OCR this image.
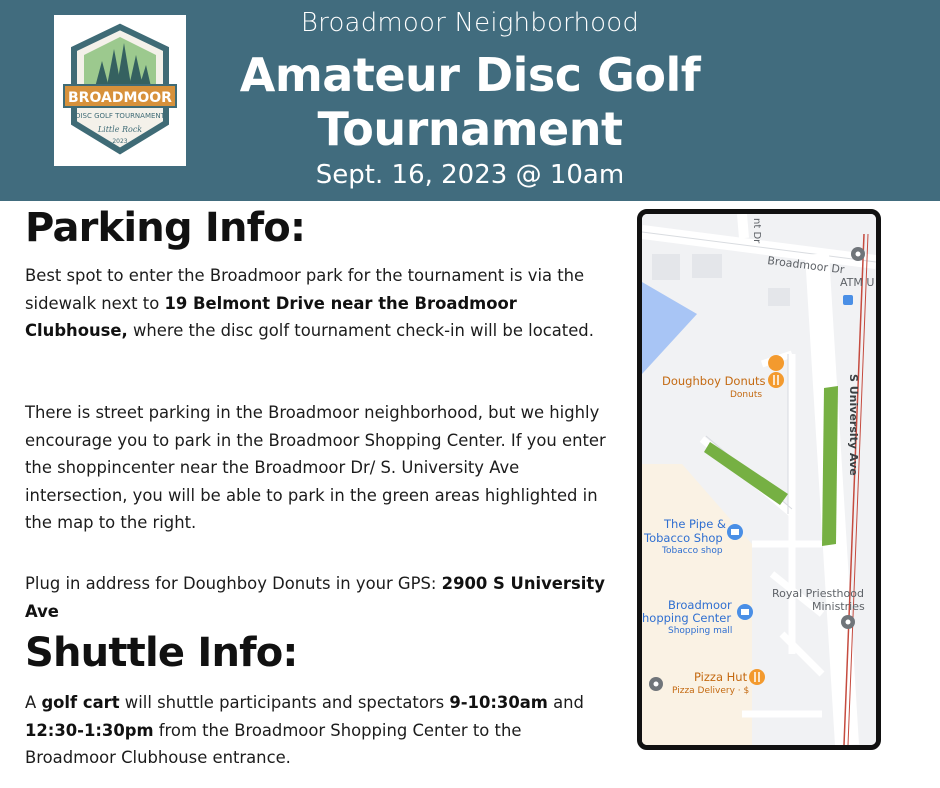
BROADMOOR
DISC GOLF TOURNAMENT
Little Rock
2023
Broadmoor Neighborhood
Amateur Disc Golf Tournament
Sept. 16, 2023 @ 10am
Parking Info:

Best spot to enter the Broadmoor park for the tournament is via the sidewalk next to 19 Belmont Drive near the Broadmoor Clubhouse, where the disc golf tournament check-in will be located.

There is street parking in the Broadmoor neighborhood, but we highly encourage you to park in the Broadmoor Shopping Center. If you enter the shoppincenter near the Broadmoor Dr/ S. University Ave intersection, you will be able to park in the green areas highlighted in the map to the right.

Plug in address for Doughboy Donuts in your GPS: 2900 S University Ave

Shuttle Info:

A golf cart will shuttle participants and spectators 9-10:30am and 12:30-1:30pm from the Broadmoor Shopping Center to the Broadmoor Clubhouse entrance.

Broadmoor Dr
nt Dr
ATM U
S University Ave
Doughboy Donuts
Donuts
The Pipe &
Tobacco Shop
Tobacco shop
Royal Priesthood
Ministries
Broadmoor
hopping Center
Shopping mall
Pizza Hut
Pizza Delivery · $
